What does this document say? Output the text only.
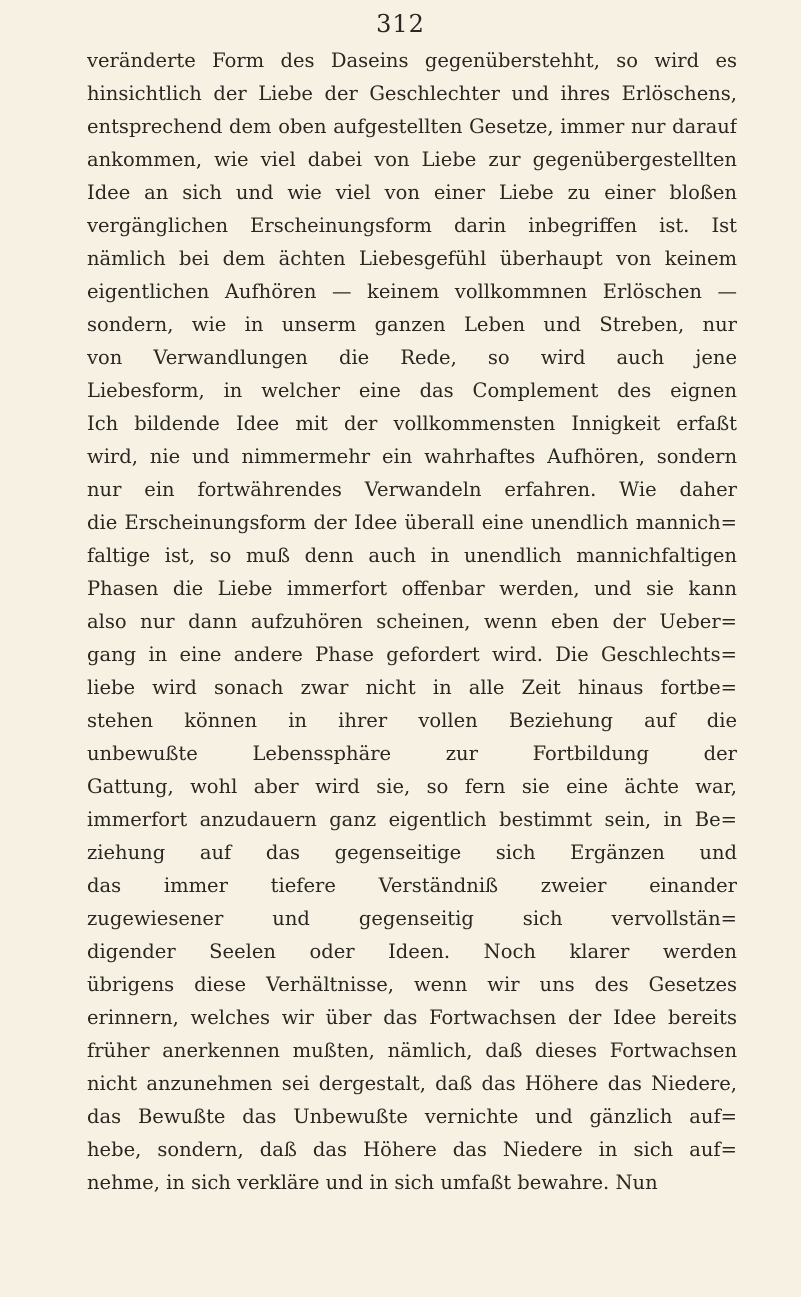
312
veränderte Form des Daseins gegenüberstehht, so wird es
hinsichtlich der Liebe der Geschlechter und ihres Erlöschens,
entsprechend dem oben aufgestellten Gesetze, immer nur darauf
ankommen, wie viel dabei von Liebe zur gegenübergestellten
Idee an sich und wie viel von einer Liebe zu einer bloßen
vergänglichen Erscheinungsform darin inbegriffen ist. Ist
nämlich bei dem ächten Liebesgefühl überhaupt von keinem
eigentlichen Aufhören — keinem vollkommnen Erlöschen —
sondern, wie in unserm ganzen Leben und Streben, nur
von Verwandlungen die Rede, so wird auch jene
Liebesform, in welcher eine das Complement des eignen
Ich bildende Idee mit der vollkommensten Innigkeit erfaßt
wird, nie und nimmermehr ein wahrhaftes Aufhören, sondern
nur ein fortwährendes Verwandeln erfahren. Wie daher
die Erscheinungsform der Idee überall eine unendlich mannich=
faltige ist, so muß denn auch in unendlich mannichfaltigen
Phasen die Liebe immerfort offenbar werden, und sie kann
also nur dann aufzuhören scheinen, wenn eben der Ueber=
gang in eine andere Phase gefordert wird. Die Geschlechts=
liebe wird sonach zwar nicht in alle Zeit hinaus fortbe=
stehen können in ihrer vollen Beziehung auf die
unbewußte Lebenssphäre zur Fortbildung der
Gattung, wohl aber wird sie, so fern sie eine ächte war,
immerfort anzudauern ganz eigentlich bestimmt sein, in Be=
ziehung auf das gegenseitige sich Ergänzen und
das immer tiefere Verständniß zweier einander
zugewiesener und gegenseitig sich vervollstän=
digender Seelen oder Ideen. Noch klarer werden
übrigens diese Verhältnisse, wenn wir uns des Gesetzes
erinnern, welches wir über das Fortwachsen der Idee bereits
früher anerkennen mußten, nämlich, daß dieses Fortwachsen
nicht anzunehmen sei dergestalt, daß das Höhere das Niedere,
das Bewußte das Unbewußte vernichte und gänzlich auf=
hebe, sondern, daß das Höhere das Niedere in sich auf=
nehme, in sich verkläre und in sich umfaßt bewahre. Nun
